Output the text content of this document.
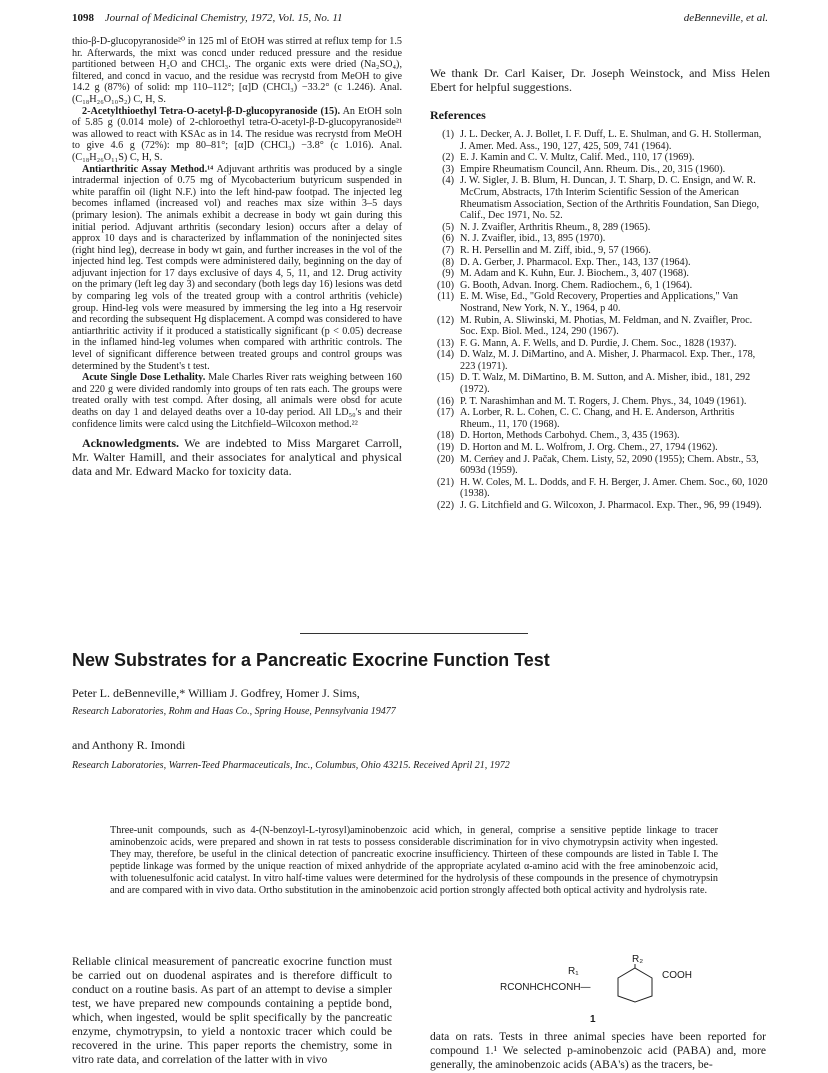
1098 Journal of Medicinal Chemistry, 1972, Vol. 15, No. 11	deBenneville, et al.

thio-β-D-glucopyranoside²⁰ in 125 ml of EtOH was stirred at reflux temp for 1.5 hr. Afterwards, the mixt was concd under reduced pressure and the residue partitioned between H₂O and CHCl₃. The organic exts were dried (Na₂SO₄), filtered, and concd in vacuo, and the residue was recrystd from MeOH to give 14.2 g (87%) of solid: mp 110–112°; [α]D (CHCl₃) −33.2° (c 1.246). Anal. (C₁₈H₂₆O₁₀S₂) C, H, S.

2-Acetylthioethyl Tetra-O-acetyl-β-D-glucopyranoside (15). An EtOH soln of 5.85 g (0.014 mole) of 2-chloroethyl tetra-O-acetyl-β-D-glucopyranoside²¹ was allowed to react with KSAc as in 14. The residue was recrystd from MeOH to give 4.6 g (72%): mp 80–81°; [α]D (CHCl₃) −3.8° (c 1.016). Anal. (C₁₈H₂₆O₁₁S) C, H, S.

Antiarthritic Assay Method.¹⁴ Adjuvant arthritis was produced by a single intradermal injection of 0.75 mg of Mycobacterium butyricum suspended in white paraffin oil (light N.F.) into the left hind-paw footpad. The injected leg becomes inflamed (increased vol) and reaches max size within 3–5 days (primary lesion). The animals exhibit a decrease in body wt gain during this initial period. Adjuvant arthritis (secondary lesion) occurs after a delay of approx 10 days and is characterized by inflammation of the noninjected sites (right hind leg), decrease in body wt gain, and further increases in the vol of the injected hind leg. Test compds were administered daily, beginning on the day of adjuvant injection for 17 days exclusive of days 4, 5, 11, and 12. Drug activity on the primary (left leg day 3) and secondary (both legs day 16) lesions was detd by comparing leg vols of the treated group with a control arthritis (vehicle) group. Hind-leg vols were measured by immersing the leg into a Hg reservoir and recording the subsequent Hg displacement. A compd was considered to have antiarthritic activity if it produced a statistically significant (p < 0.05) decrease in the inflamed hind-leg volumes when compared with arthritic controls. The level of significant difference between treated groups and control groups was determined by the Student's t test.

Acute Single Dose Lethality. Male Charles River rats weighing between 160 and 220 g were divided randomly into groups of ten rats each. The groups were treated orally with test compd. After dosing, all animals were obsd for acute deaths on day 1 and delayed deaths over a 10-day period. All LD₅₀'s and their confidence limits were calcd using the Litchfield–Wilcoxon method.²²

Acknowledgments. We are indebted to Miss Margaret Carroll, Mr. Walter Hamill, and their associates for analytical and physical data and Mr. Edward Macko for toxicity data.

We thank Dr. Carl Kaiser, Dr. Joseph Weinstock, and Miss Helen Ebert for helpful suggestions.

References

(1) J. L. Decker, A. J. Bollet, I. F. Duff, L. E. Shulman, and G. H. Stollerman, J. Amer. Med. Ass., 190, 127, 425, 509, 741 (1964).
(2) E. J. Kamin and C. V. Multz, Calif. Med., 110, 17 (1969).
(3) Empire Rheumatism Council, Ann. Rheum. Dis., 20, 315 (1960).
(4) J. W. Sigler, J. B. Blum, H. Duncan, J. T. Sharp, D. C. Ensign, and W. R. McCrum, Abstracts, 17th Interim Scientific Session of the American Rheumatism Association, Section of the Arthritis Foundation, San Diego, Calif., Dec 1971, No. 52.
(5) N. J. Zvaifler, Arthritis Rheum., 8, 289 (1965).
(6) N. J. Zvaifler, ibid., 13, 895 (1970).
(7) R. H. Persellin and M. Ziff, ibid., 9, 57 (1966).
(8) D. A. Gerber, J. Pharmacol. Exp. Ther., 143, 137 (1964).
(9) M. Adam and K. Kuhn, Eur. J. Biochem., 3, 407 (1968).
(10) G. Booth, Advan. Inorg. Chem. Radiochem., 6, 1 (1964).
(11) E. M. Wise, Ed., "Gold Recovery, Properties and Applications," Van Nostrand, New York, N. Y., 1964, p 40.
(12) M. Rubin, A. Sliwinski, M. Photias, M. Feldman, and N. Zvaifler, Proc. Soc. Exp. Biol. Med., 124, 290 (1967).
(13) F. G. Mann, A. F. Wells, and D. Purdie, J. Chem. Soc., 1828 (1937).
(14) D. Walz, M. J. DiMartino, and A. Misher, J. Pharmacol. Exp. Ther., 178, 223 (1971).
(15) D. T. Walz, M. DiMartino, B. M. Sutton, and A. Misher, ibid., 181, 292 (1972).
(16) P. T. Narashimhan and M. T. Rogers, J. Chem. Phys., 34, 1049 (1961).
(17) A. Lorber, R. L. Cohen, C. C. Chang, and H. E. Anderson, Arthritis Rheum., 11, 170 (1968).
(18) D. Horton, Methods Carbohyd. Chem., 3, 435 (1963).
(19) D. Horton and M. L. Wolfrom, J. Org. Chem., 27, 1794 (1962).
(20) M. Cerńey and J. Pačak, Chem. Listy, 52, 2090 (1955); Chem. Abstr., 53, 6093d (1959).
(21) H. W. Coles, M. L. Dodds, and F. H. Berger, J. Amer. Chem. Soc., 60, 1020 (1938).
(22) J. G. Litchfield and G. Wilcoxon, J. Pharmacol. Exp. Ther., 96, 99 (1949).
New Substrates for a Pancreatic Exocrine Function Test
Peter L. deBenneville,* William J. Godfrey, Homer J. Sims,
Research Laboratories, Rohm and Haas Co., Spring House, Pennsylvania 19477
and Anthony R. Imondi
Research Laboratories, Warren-Teed Pharmaceuticals, Inc., Columbus, Ohio 43215. Received April 21, 1972
Three-unit compounds, such as 4-(N-benzoyl-L-tyrosyl)aminobenzoic acid which, in general, comprise a sensitive peptide linkage to tracer aminobenzoic acids, were prepared and shown in rat tests to possess considerable discrimination for in vivo chymotrypsin activity when ingested. They may, therefore, be useful in the clinical detection of pancreatic exocrine insufficiency. Thirteen of these compounds are listed in Table I. The peptide linkage was formed by the unique reaction of mixed anhydride of the appropriate acylated α-amino acid with the free aminobenzoic acid, with toluenesulfonic acid catalyst. In vitro half-time values were determined for the hydrolysis of these compounds in the presence of chymotrypsin and are compared with in vivo data. Ortho substitution in the aminobenzoic acid portion strongly affected both optical activity and hydrolysis rate.
Reliable clinical measurement of pancreatic exocrine function must be carried out on duodenal aspirates and is therefore difficult to conduct on a routine basis. As part of an attempt to devise a simpler test, we have prepared new compounds containing a peptide bond, which, when ingested, would be split specifically by the pancreatic enzyme, chymotrypsin, to yield a nontoxic tracer which could be recovered in the urine. This paper reports the chemistry, some in vitro rate data, and correlation of the latter with in vivo
R₁
R₂
RCONHCHCONH—
COOH
1
data on rats. Tests in three animal species have been reported for compound 1.¹ We selected p-aminobenzoic acid (PABA) and, more generally, the aminobenzoic acids (ABA's) as the tracers, be-
